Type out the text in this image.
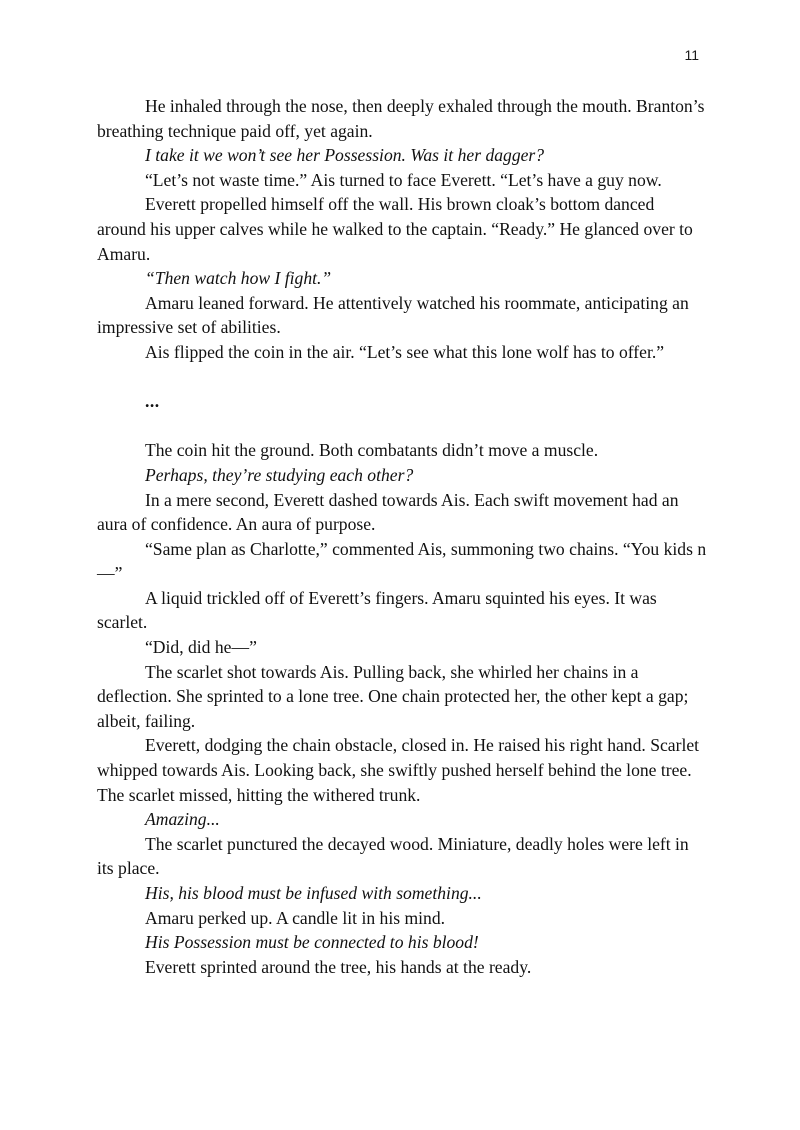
11

He inhaled through the nose, then deeply exhaled through the mouth. Branton’s breathing technique paid off, yet again.

I take it we won’t see her Possession. Was it her dagger?

“Let’s not waste time.” Ais turned to face Everett. “Let’s have a guy now.

Everett propelled himself off the wall. His brown cloak’s bottom danced around his upper calves while he walked to the captain. “Ready.” He glanced over to Amaru.

“Then watch how I fight.”

Amaru leaned forward. He attentively watched his roommate, anticipating an impressive set of abilities.

Ais flipped the coin in the air. “Let’s see what this lone wolf has to offer.”

...

The coin hit the ground. Both combatants didn’t move a muscle.

Perhaps, they’re studying each other?

In a mere second, Everett dashed towards Ais. Each swift movement had an aura of confidence. An aura of purpose.

“Same plan as Charlotte,” commented Ais, summoning two chains. “You kids n—”

A liquid trickled off of Everett’s fingers. Amaru squinted his eyes. It was scarlet.

“Did, did he—”

The scarlet shot towards Ais. Pulling back, she whirled her chains in a deflection. She sprinted to a lone tree. One chain protected her, the other kept a gap; albeit, failing.

Everett, dodging the chain obstacle, closed in. He raised his right hand. Scarlet whipped towards Ais. Looking back, she swiftly pushed herself behind the lone tree. The scarlet missed, hitting the withered trunk.

Amazing...

The scarlet punctured the decayed wood. Miniature, deadly holes were left in its place.

His, his blood must be infused with something...

Amaru perked up. A candle lit in his mind.

His Possession must be connected to his blood!

Everett sprinted around the tree, his hands at the ready.
